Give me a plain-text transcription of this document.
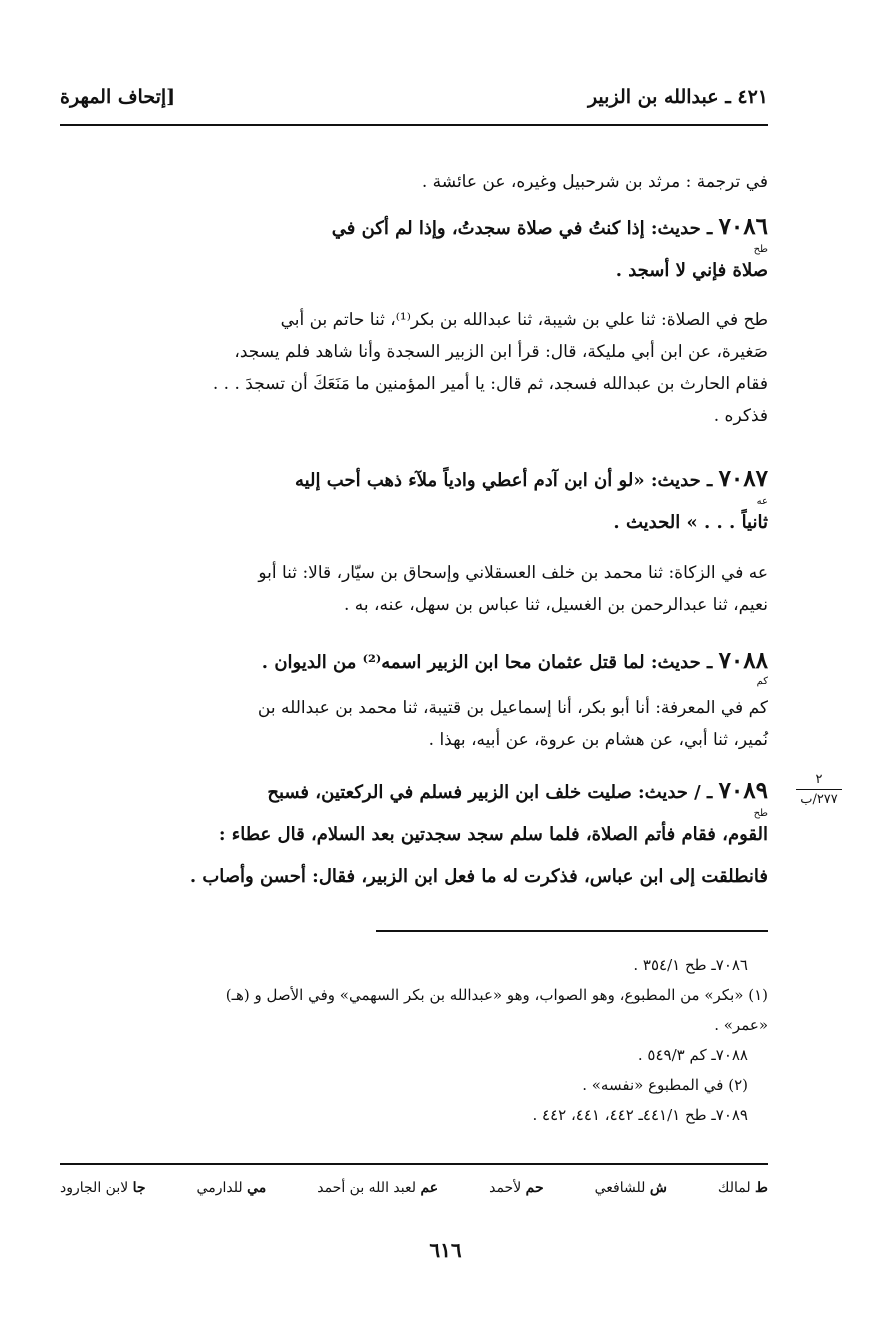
٤٢١ ـ عبدالله بن الزبير
[إتحاف المهرة

في ترجمة : مرثد بن شرحبيل وغيره، عن عائشة .

٧٠٨٦ ـ حديث: إذا كنتُ في صلاة سجدتُ، وإذا لم أكن في

طح

صلاة فإني لا أسجد .

طح في الصلاة: ثنا علي بن شيبة، ثنا عبدالله بن بكر⁽¹⁾، ثنا حاتم بن أبي

صَغيرة، عن ابن أبي مليكة، قال: قرأ ابن الزبير السجدة وأنا شاهد فلم يسجد،

فقام الحارث بن عبدالله فسجد، ثم قال: يا أمير المؤمنين ما مَنَعَكَ أن تسجدَ . . .

فذكره .

٧٠٨٧ ـ حديث: «لو أن ابن آدم أعطي وادياً ملآء ذهب أحب إليه

عه

ثانياً . . . » الحديث .

عه في الزكاة: ثنا محمد بن خلف العسقلاني وإسحاق بن سيّار، قالا: ثنا أبو

نعيم، ثنا عبدالرحمن بن الغسيل، ثنا عباس بن سهل، عنه، به .

٧٠٨٨ ـ حديث: لما قتل عثمان محا ابن الزبير اسمه⁽²⁾ من الديوان .

كم

كم في المعرفة: أنا أبو بكر، أنا إسماعيل بن قتيبة، ثنا محمد بن عبدالله بن

نُمير، ثنا أبي، عن هشام بن عروة، عن أبيه، بهذا .

٧٠٨٩ ـ / حديث: صليت خلف ابن الزبير فسلم في الركعتين، فسبح

طح

القوم، فقام فأتم الصلاة، فلما سلم سجد سجدتين بعد السلام، قال عطاء :

فانطلقت إلى ابن عباس، فذكرت له ما فعل ابن الزبير، فقال: أحسن وأصاب .

٢
٢٧٧/ب

٧٠٨٦ـ طح ٣٥٤/١ .

(١) «بكر» من المطبوع، وهو الصواب، وهو «عبدالله بن بكر السهمي» وفي الأصل و (هـ)

«عمر» .

٧٠٨٨ـ كم ٥٤٩/٣ .

(٢) في المطبوع «نفسه» .

٧٠٨٩ـ طح ٤٤١/١ـ ٤٤٢، ٤٤١، ٤٤٢ .

ط لمالك
ش للشافعي
حم لأحمد
عم لعبد الله بن أحمد
مي للدارمي
جا لابن الجارود
٦١٦
